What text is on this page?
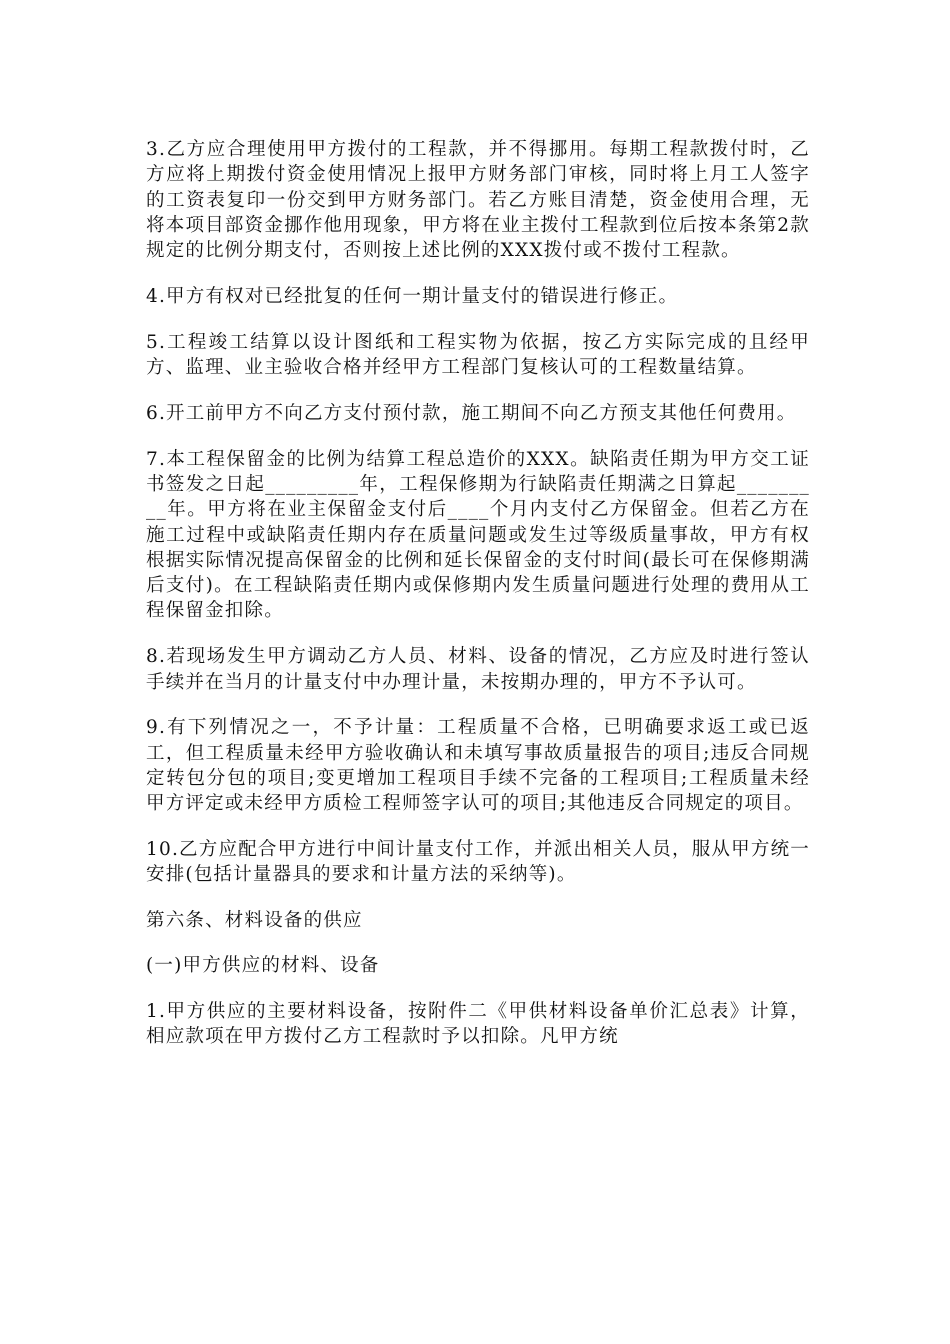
3.乙方应合理使用甲方拨付的工程款，并不得挪用。每期工程款拨付时，乙方应将上期拨付资金使用情况上报甲方财务部门审核，同时将上月工人签字的工资表复印一份交到甲方财务部门。若乙方账目清楚，资金使用合理，无将本项目部资金挪作他用现象，甲方将在业主拨付工程款到位后按本条第2款规定的比例分期支付，否则按上述比例的XXX拨付或不拨付工程款。

4.甲方有权对已经批复的任何一期计量支付的错误进行修正。

5.工程竣工结算以设计图纸和工程实物为依据，按乙方实际完成的且经甲方、监理、业主验收合格并经甲方工程部门复核认可的工程数量结算。

6.开工前甲方不向乙方支付预付款，施工期间不向乙方预支其他任何费用。

7.本工程保留金的比例为结算工程总造价的XXX。缺陷责任期为甲方交工证书签发之日起_________年，工程保修期为行缺陷责任期满之日算起_________年。甲方将在业主保留金支付后____个月内支付乙方保留金。但若乙方在施工过程中或缺陷责任期内存在质量问题或发生过等级质量事故，甲方有权根据实际情况提高保留金的比例和延长保留金的支付时间(最长可在保修期满后支付)。在工程缺陷责任期内或保修期内发生质量问题进行处理的费用从工程保留金扣除。

8.若现场发生甲方调动乙方人员、材料、设备的情况，乙方应及时进行签认手续并在当月的计量支付中办理计量，未按期办理的，甲方不予认可。

9.有下列情况之一，不予计量：工程质量不合格，已明确要求返工或已返工，但工程质量未经甲方验收确认和未填写事故质量报告的项目;违反合同规定转包分包的项目;变更增加工程项目手续不完备的工程项目;工程质量未经甲方评定或未经甲方质检工程师签字认可的项目;其他违反合同规定的项目。

10.乙方应配合甲方进行中间计量支付工作，并派出相关人员，服从甲方统一安排(包括计量器具的要求和计量方法的采纳等)。

第六条、材料设备的供应

(一)甲方供应的材料、设备

1.甲方供应的主要材料设备，按附件二《甲供材料设备单价汇总表》计算，相应款项在甲方拨付乙方工程款时予以扣除。凡甲方统
